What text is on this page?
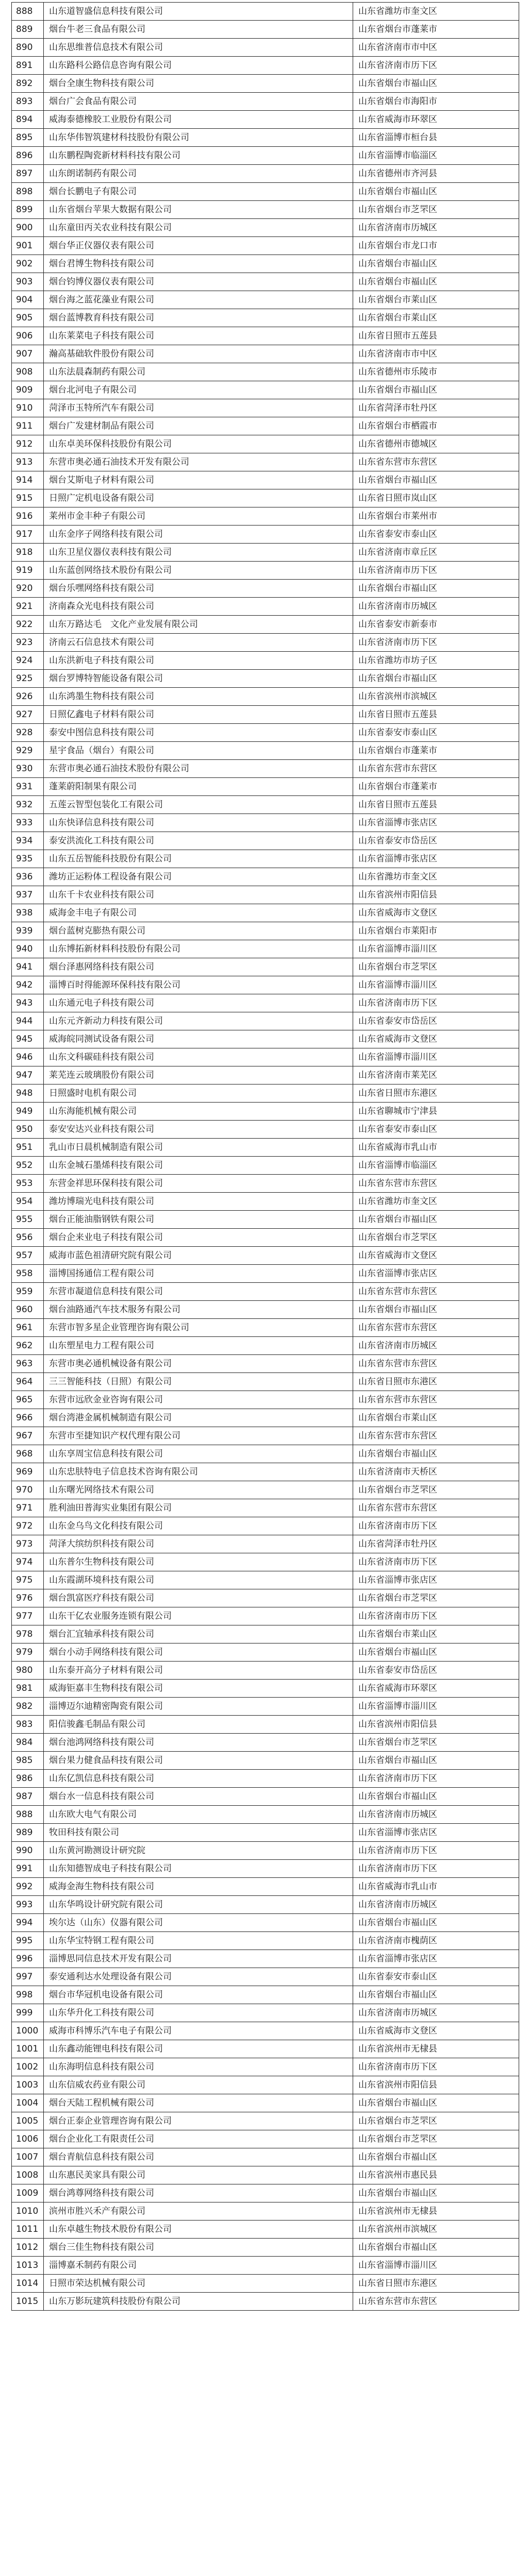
888	山东道智盛信息科技有限公司	山东省潍坊市奎文区
889	烟台牛老三食品有限公司	山东省烟台市蓬莱市
890	山东思维普信息技术有限公司	山东省济南市市中区
891	山东路科公路信息咨询有限公司	山东省济南市历下区
892	烟台全康生物科技有限公司	山东省烟台市福山区
893	烟台广会食品有限公司	山东省烟台市海阳市
894	威海泰德橡胶工业股份有限公司	山东省威海市环翠区
895	山东华伟智筑建材科技股份有限公司	山东省淄博市桓台县
896	山东鹏程陶瓷新材料科技有限公司	山东省淄博市临淄区
897	山东朗诺制药有限公司	山东省德州市齐河县
898	烟台长鹏电子有限公司	山东省烟台市福山区
899	山东省烟台苹果大数据有限公司	山东省烟台市芝罘区
900	山东童田丙关农业科技有限公司	山东省济南市历城区
901	烟台华正仪器仪表有限公司	山东省烟台市龙口市
902	烟台君博生物科技有限公司	山东省烟台市福山区
903	烟台钧博仪器仪表有限公司	山东省烟台市福山区
904	烟台海之蓝花藻业有限公司	山东省烟台市莱山区
905	烟台蓝博教育科技有限公司	山东省烟台市莱山区
906	山东莱菜电子科技有限公司	山东省日照市五莲县
907	瀚高基础软件股份有限公司	山东省济南市市中区
908	山东法晨森制药有限公司	山东省德州市乐陵市
909	烟台北河电子有限公司	山东省烟台市福山区
910	菏泽市玉特所汽车有限公司	山东省菏泽市牡丹区
911	烟台广发建材制品有限公司	山东省烟台市栖霞市
912	山东卓美环保科技股份有限公司	山东省德州市德城区
913	东营市奥必通石油技术开发有限公司	山东省东营市东营区
914	烟台艾斯电子材料有限公司	山东省烟台市福山区
915	日照广定机电设备有限公司	山东省日照市岚山区
916	莱州市金丰种子有限公司	山东省烟台市莱州市
917	山东金序子网络科技有限公司	山东省泰安市泰山区
918	山东卫星仪器仪表科技有限公司	山东省济南市章丘区
919	山东蓝创网络技术股份有限公司	山东省济南市历下区
920	烟台乐嘿网络科技有限公司	山东省烟台市福山区
921	济南森众光电科技有限公司	山东省济南市历城区
922	山东万路达毛　文化产业发展有限公司	山东省泰安市新泰市
923	济南云石信息技术有限公司	山东省济南市历下区
924	山东洪新电子科技有限公司	山东省潍坊市坊子区
925	烟台罗博特智能设备有限公司	山东省烟台市福山区
926	山东鸿墨生物科技有限公司	山东省滨州市滨城区
927	日照亿鑫电子材料有限公司	山东省日照市五莲县
928	泰安中图信息科技有限公司	山东省泰安市泰山区
929	星宇食品（烟台）有限公司	山东省烟台市蓬莱市
930	东营市奥必通石油技术股份有限公司	山东省东营市东营区
931	蓬莱蔚阳制果有限公司	山东省烟台市蓬莱市
932	五莲云智型包装化工有限公司	山东省日照市五莲县
933	山东快译信息科技有限公司	山东省淄博市张店区
934	泰安洪流化工科技有限公司	山东省泰安市岱岳区
935	山东五岳智能科技股份有限公司	山东省淄博市张店区
936	潍坊正运粉体工程设备有限公司	山东省潍坊市奎文区
937	山东千卡农业科技有限公司	山东省滨州市阳信县
938	威海金丰电子有限公司	山东省威海市文登区
939	烟台蓝树克膨热有限公司	山东省烟台市莱阳市
940	山东博拓新材料科技股份有限公司	山东省淄博市淄川区
941	烟台泽惠网络科技有限公司	山东省烟台市芝罘区
942	淄博百时得能源环保科技有限公司	山东省淄博市淄川区
943	山东通元电子科技有限公司	山东省济南市历下区
944	山东元齐新动力科技有限公司	山东省泰安市岱岳区
945	威海皖同测试设备有限公司	山东省威海市文登区
946	山东文科碳硅科技有限公司	山东省淄博市淄川区
947	莱芜连云玻璃股份有限公司	山东省济南市莱芜区
948	日照盛时电机有限公司	山东省日照市东港区
949	山东海能机械有限公司	山东省聊城市宁津县
950	泰安安达兴业科技有限公司	山东省泰安市泰山区
951	乳山市日晨机械制造有限公司	山东省威海市乳山市
952	山东金城石墨烯科技有限公司	山东省淄博市临淄区
953	东营金祥思环保科技有限公司	山东省东营市东营区
954	潍坊博瑞光电科技有限公司	山东省潍坊市奎文区
955	烟台正能油脂钢铁有限公司	山东省烟台市福山区
956	烟台企来业电子科技有限公司	山东省烟台市芝罘区
957	威海市蓝色祖清研究院有限公司	山东省威海市文登区
958	淄博国扬通信工程有限公司	山东省淄博市张店区
959	东营市凝道信息科技有限公司	山东省东营市东营区
960	烟台油路通汽车技术服务有限公司	山东省烟台市福山区
961	东营市智多星企业管理咨询有限公司	山东省东营市东营区
962	山东塑星电力工程有限公司	山东省济南市历城区
963	东营市奥必通机械设备有限公司	山东省东营市东营区
964	三三智能科技（日照）有限公司	山东省日照市东港区
965	东营市远欣金业咨询有限公司	山东省东营市东营区
966	烟台湾港金属机械制造有限公司	山东省烟台市莱山区
967	东营市至捷知识产权代理有限公司	山东省东营市东营区
968	山东享周宝信息科技有限公司	山东省烟台市福山区
969	山东忠肤特电子信息技术咨询有限公司	山东省济南市天桥区
970	山东曙光网络技术有限公司	山东省烟台市芝罘区
971	胜利油田普海实业集团有限公司	山东省东营市东营区
972	山东金乌鸟文化科技有限公司	山东省济南市历下区
973	菏泽大缤纺织科技有限公司	山东省菏泽市牡丹区
974	山东普尔生物科技有限公司	山东省济南市历下区
975	山东霞湖环境科技有限公司	山东省淄博市张店区
976	烟台凯富医疗科技有限公司	山东省烟台市芝罘区
977	山东干亿农业服务连锁有限公司	山东省济南市历下区
978	烟台汇宜轴承科技有限公司	山东省烟台市莱山区
979	烟台小动手网络科技有限公司	山东省烟台市福山区
980	山东泰开高分子材料有限公司	山东省泰安市岱岳区
981	威海钜嘉丰生物科技有限公司	山东省威海市环翠区
982	淄博迈尔迪精密陶瓷有限公司	山东省淄博市淄川区
983	阳信骏鑫毛制品有限公司	山东省滨州市阳信县
984	烟台池鸿网络科技有限公司	山东省烟台市芝罘区
985	烟台果力健食品科技有限公司	山东省烟台市福山区
986	山东亿凯信息科技有限公司	山东省济南市历下区
987	烟台水一信息科技有限公司	山东省烟台市福山区
988	山东欧大电气有限公司	山东省济南市历城区
989	牧田科技有限公司	山东省淄博市张店区
990	山东黄河勘测设计研究院	山东省济南市历下区
991	山东知德智成电子科技有限公司	山东省济南市历下区
992	威海金海生物科技有限公司	山东省威海市乳山市
993	山东华鸣设计研究院有限公司	山东省济南市历城区
994	埃尔达（山东）仪器有限公司	山东省烟台市福山区
995	山东华宝特钢工程有限公司	山东省济南市槐荫区
996	淄博思同信息技术开发有限公司	山东省淄博市张店区
997	泰安通利达水处理设备有限公司	山东省泰安市泰山区
998	烟台市华冠机电设备有限公司	山东省烟台市福山区
999	山东华升化工科技有限公司	山东省济南市历城区
1000	威海市科博乐汽车电子有限公司	山东省威海市文登区
1001	山东鑫动能锂电科技有限公司	山东省滨州市无棣县
1002	山东海明信息科技有限公司	山东省济南市历下区
1003	山东信威农药业有限公司	山东省滨州市阳信县
1004	烟台天陆工程机械有限公司	山东省烟台市福山区
1005	烟台正泰企业管理咨询有限公司	山东省烟台市芝罘区
1006	烟台企业化工有限责任公司	山东省烟台市芝罘区
1007	烟台青航信息科技有限公司	山东省烟台市福山区
1008	山东惠民美家具有限公司	山东省滨州市惠民县
1009	烟台鸿尊网络科技有限公司	山东省烟台市福山区
1010	滨州市胜兴禾产有限公司	山东省滨州市无棣县
1011	山东卓越生物技术股份有限公司	山东省滨州市滨城区
1012	烟台三佳生物科技有限公司	山东省烟台市福山区
1013	淄博嘉禾制药有限公司	山东省淄博市淄川区
1014	日照市荣达机械有限公司	山东省日照市东港区
1015	山东万影玩建筑科技股份有限公司	山东省东营市东营区
